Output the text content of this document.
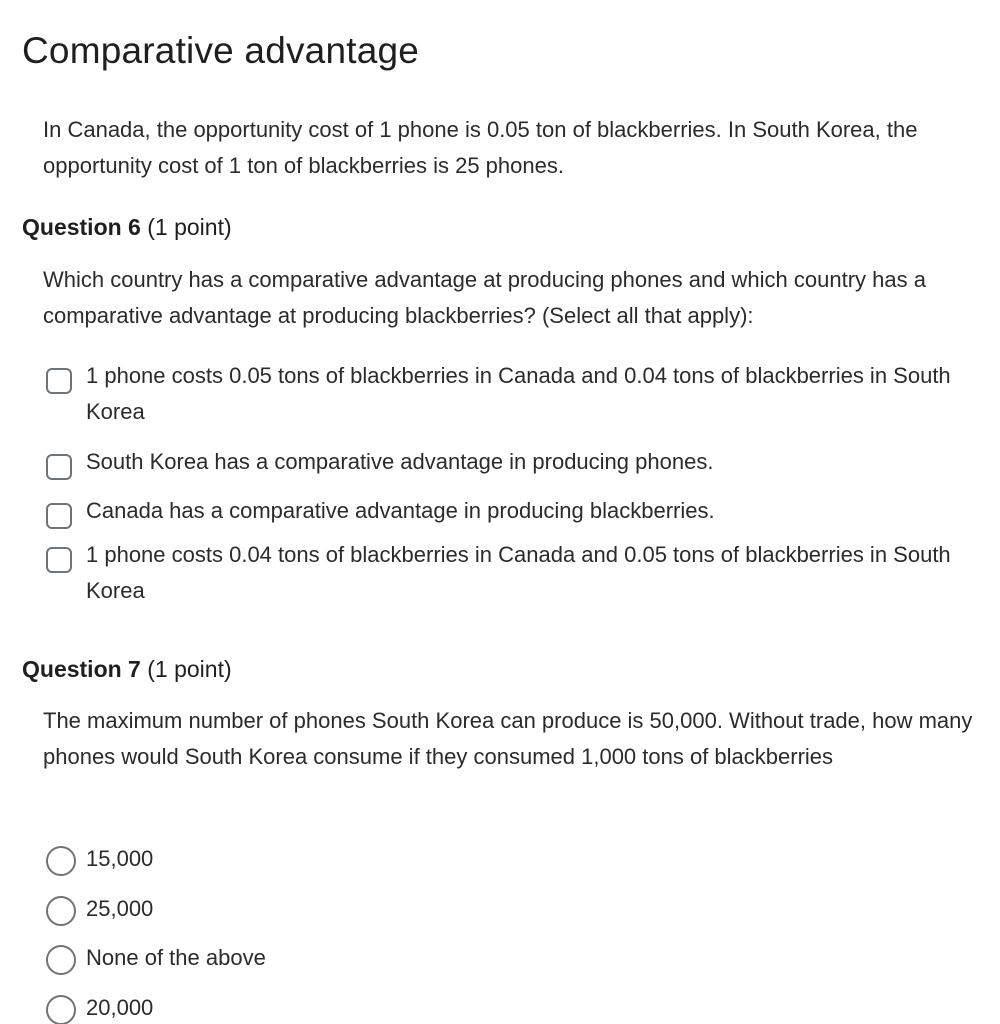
Comparative advantage
In Canada, the opportunity cost of 1 phone is 0.05 ton of blackberries. In South Korea, the opportunity cost of 1 ton of blackberries is 25 phones.
Question 6 (1 point)
Which country has a comparative advantage at producing phones and which country has a comparative advantage at producing blackberries? (Select all that apply):
1 phone costs 0.05 tons of blackberries in Canada and 0.04 tons of blackberries in South Korea
South Korea has a comparative advantage in producing phones.
Canada has a comparative advantage in producing blackberries.
1 phone costs 0.04 tons of blackberries in Canada and 0.05 tons of blackberries in South Korea
Question 7 (1 point)
The maximum number of phones South Korea can produce is 50,000. Without trade, how many phones would South Korea consume if they consumed 1,000 tons of blackberries
15,000
25,000
None of the above
20,000
